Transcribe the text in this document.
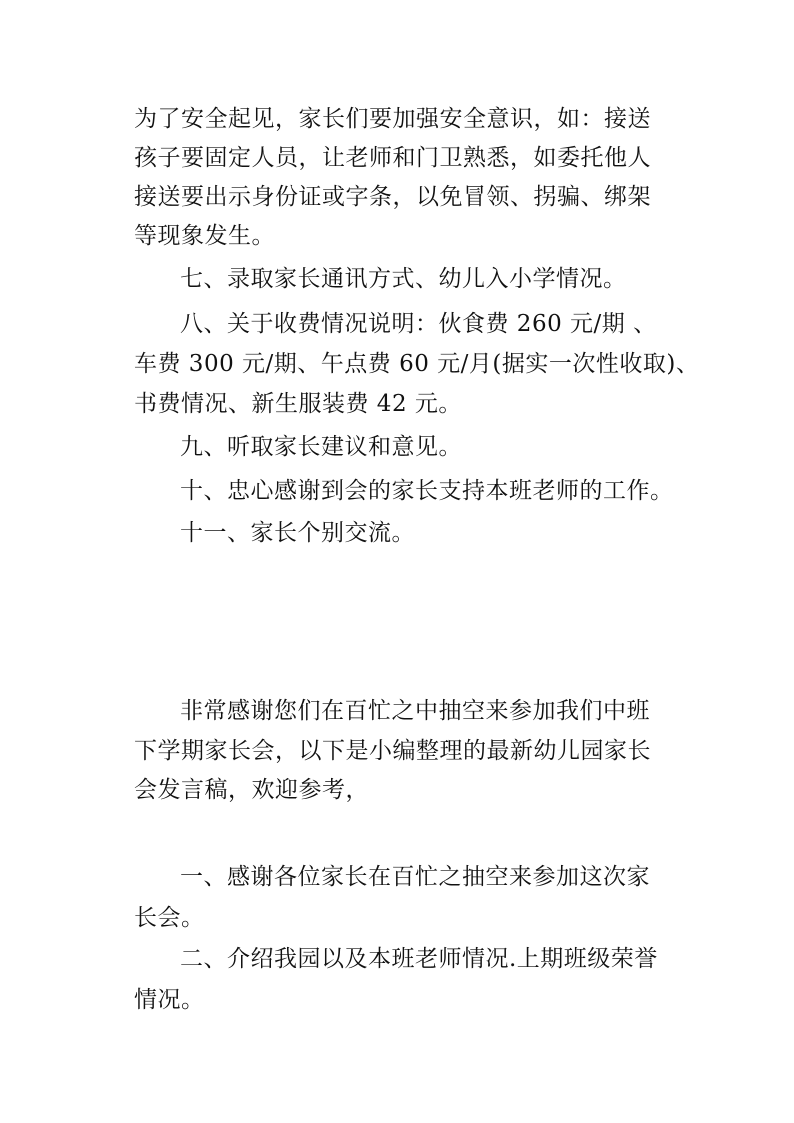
为了安全起见，家长们要加强安全意识，如：接送
孩子要固定人员，让老师和门卫熟悉，如委托他人
接送要出示身份证或字条，以免冒领、拐骗、绑架
等现象发生。
七、录取家长通讯方式、幼儿入小学情况。
八、关于收费情况说明：伙食费 260 元/期 、
车费 300 元/期、午点费 60 元/月(据实一次性收取)、
书费情况、新生服装费 42 元。
九、听取家长建议和意见。
十、忠心感谢到会的家长支持本班老师的工作。
十一、家长个别交流。
非常感谢您们在百忙之中抽空来参加我们中班
下学期家长会，以下是小编整理的最新幼儿园家长
会发言稿，欢迎参考，
一、感谢各位家长在百忙之抽空来参加这次家
长会。
二、介绍我园以及本班老师情况.上期班级荣誉
情况。
